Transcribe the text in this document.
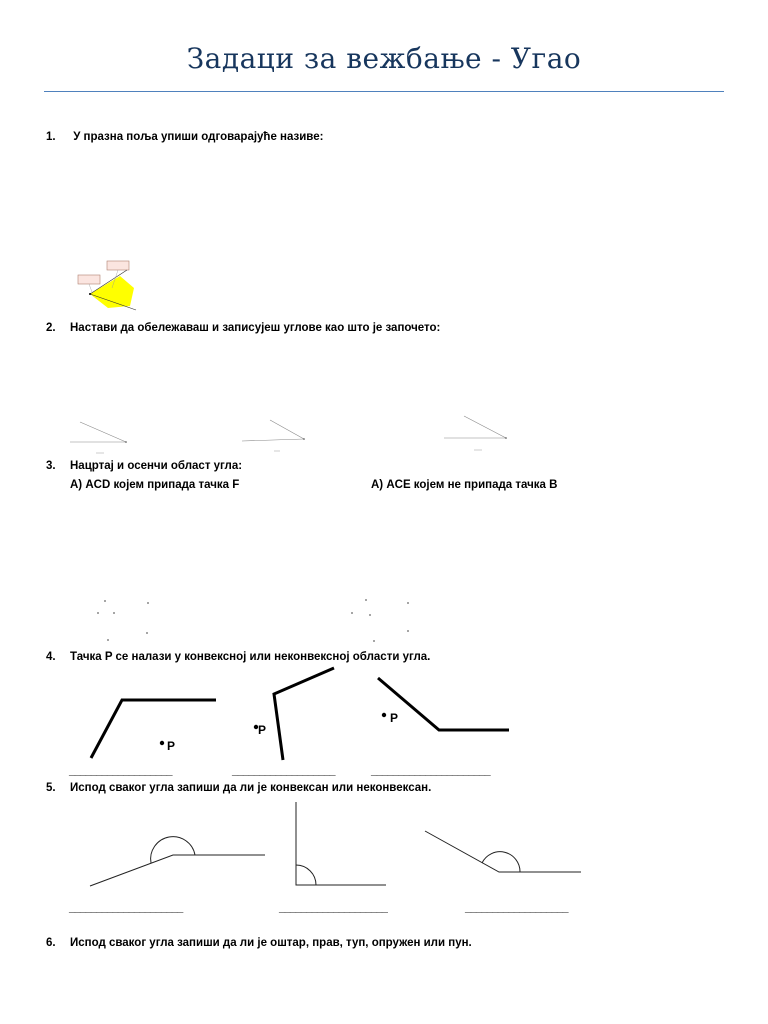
Задаци за вежбање - Угао
1. У празна поља упиши одговарајуће називе:
2. Настави да обележаваш и записујеш углове као што је започето:
3. Нацртај и осенчи област угла:
А) ACD којем припада тачка F	А) ACE којем не припада тачка B
4. Тачка P се налази у конвексној или неконвексној области угла.
P
P
P
___________________	___________________	______________________
5. Испод сваког угла запиши да ли је конвексан или неконвексан.
_____________________	____________________	___________________
6. Испод сваког угла запиши да ли је оштар, прав, туп, опружен или пун.
